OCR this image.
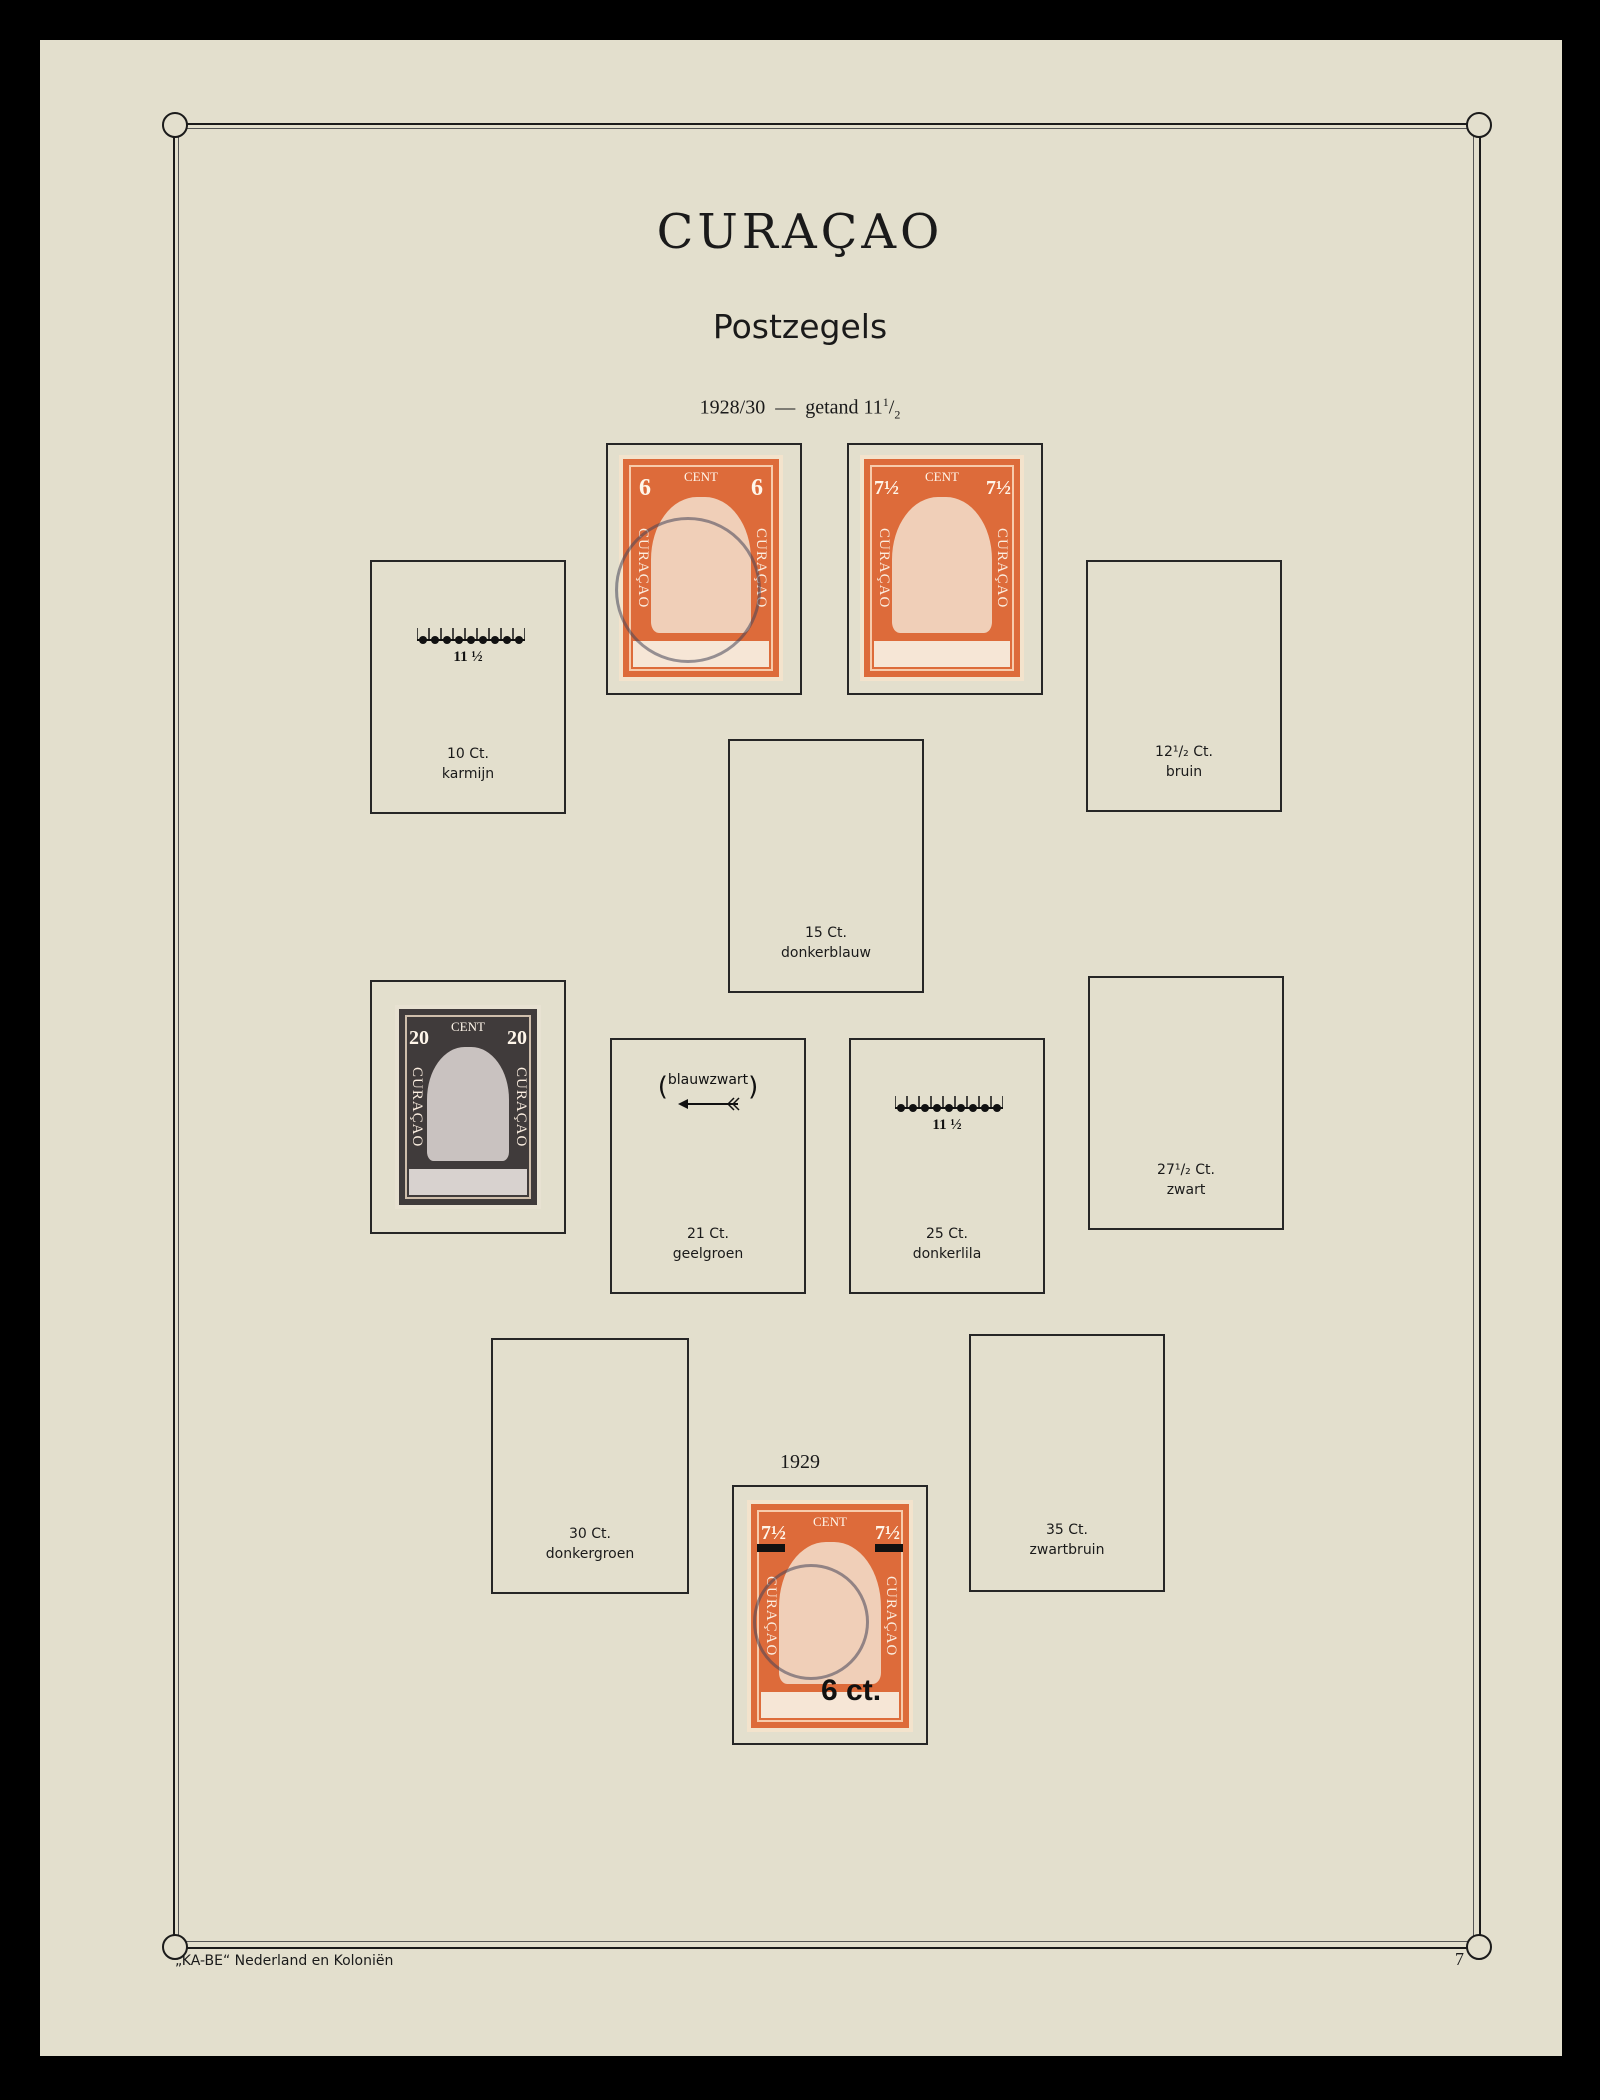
CURAÇAO
Postzegels
1928/30 — getand $11^1/_2$
1929
CENT
6	6
CURAÇAO	CURAÇAO
CENT
7½	7½
CURAÇAO	CURAÇAO
11 ½
10 Ct.
karmijn
12¹/₂ Ct.
bruin
15 Ct.
donkerblauw
CENT
20	20
CURAÇAO	CURAÇAO	(blauwzwart)
21 Ct.
geelgroen
11 ½
25 Ct.
donkerlila
27¹/₂ Ct.
zwart
30 Ct.
donkergroen
35 Ct.
zwartbruin
CENT
7½	7½
CURAÇAO	CURAÇAO
6 ct.
„KA-BE“ Nederland en Koloniën	7
